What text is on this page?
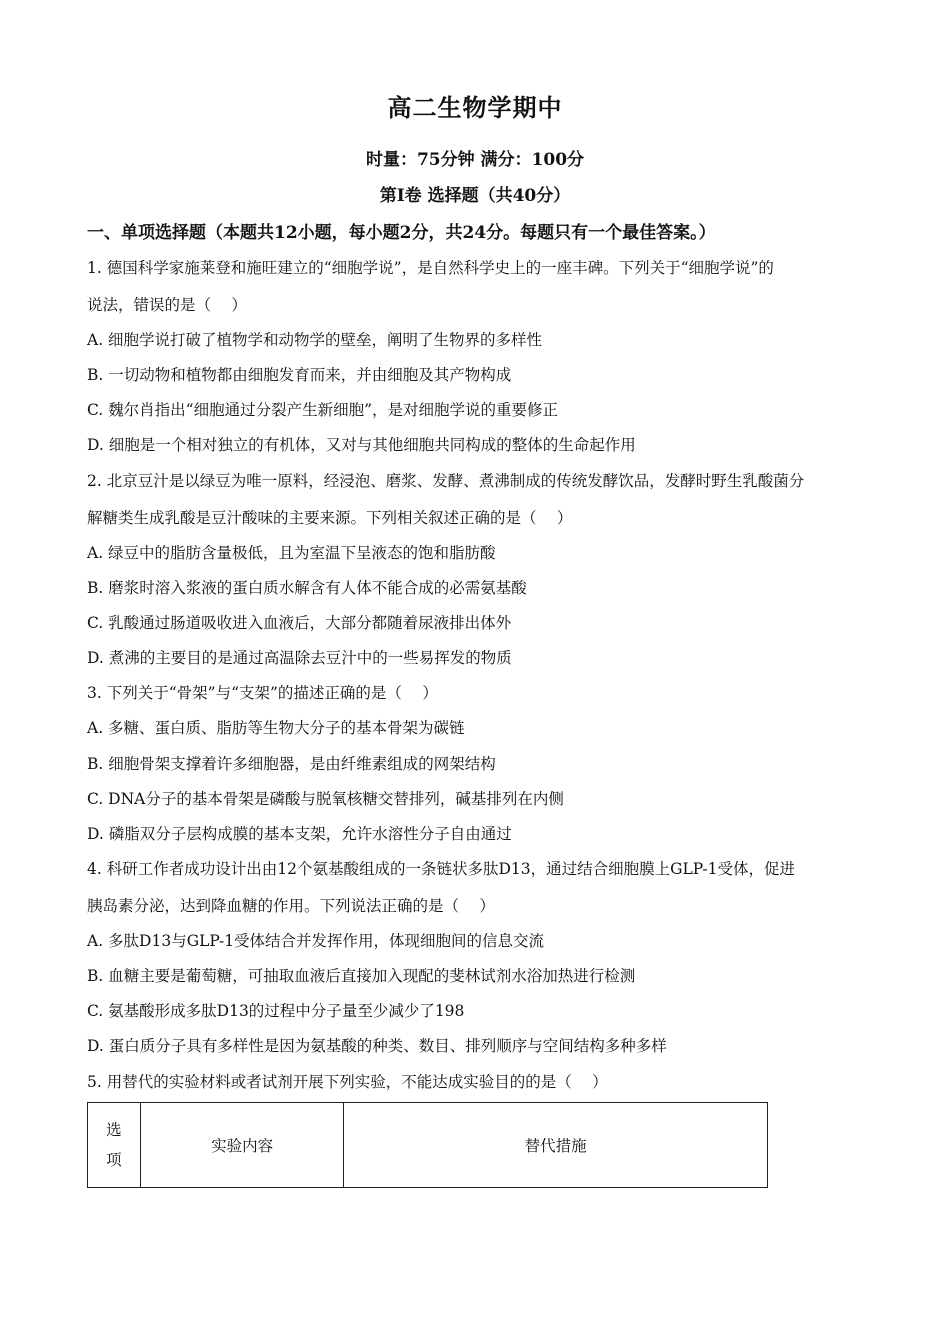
高二生物学期中
时量：75分钟 满分：100分
第Ⅰ卷 选择题（共40分）
一、单项选择题（本题共12小题，每小题2分，共24分。每题只有一个最佳答案。）
1. 德国科学家施莱登和施旺建立的“细胞学说”，是自然科学史上的一座丰碑。下列关于“细胞学说”的
说法，错误的是（　 ）
A. 细胞学说打破了植物学和动物学的壁垒，阐明了生物界的多样性
B. 一切动物和植物都由细胞发育而来，并由细胞及其产物构成
C. 魏尔肖指出“细胞通过分裂产生新细胞”，是对细胞学说的重要修正
D. 细胞是一个相对独立的有机体，又对与其他细胞共同构成的整体的生命起作用
2. 北京豆汁是以绿豆为唯一原料，经浸泡、磨浆、发酵、煮沸制成的传统发酵饮品，发酵时野生乳酸菌分
解糖类生成乳酸是豆汁酸味的主要来源。下列相关叙述正确的是（　 ）
A. 绿豆中的脂肪含量极低，且为室温下呈液态的饱和脂肪酸
B. 磨浆时溶入浆液的蛋白质水解含有人体不能合成的必需氨基酸
C. 乳酸通过肠道吸收进入血液后，大部分都随着尿液排出体外
D. 煮沸的主要目的是通过高温除去豆汁中的一些易挥发的物质
3. 下列关于“骨架”与“支架”的描述正确的是（　 ）
A. 多糖、蛋白质、脂肪等生物大分子的基本骨架为碳链
B. 细胞骨架支撑着许多细胞器，是由纤维素组成的网架结构
C. DNA分子的基本骨架是磷酸与脱氧核糖交替排列，碱基排列在内侧
D. 磷脂双分子层构成膜的基本支架，允许水溶性分子自由通过
4. 科研工作者成功设计出由12个氨基酸组成的一条链状多肽D13，通过结合细胞膜上GLP-1受体，促进
胰岛素分泌，达到降血糖的作用。下列说法正确的是（　 ）
A. 多肽D13与GLP-1受体结合并发挥作用，体现细胞间的信息交流
B. 血糖主要是葡萄糖，可抽取血液后直接加入现配的斐林试剂水浴加热进行检测
C. 氨基酸形成多肽D13的过程中分子量至少减少了198
D. 蛋白质分子具有多样性是因为氨基酸的种类、数目、排列顺序与空间结构多种多样
5. 用替代的实验材料或者试剂开展下列实验，不能达成实验目的的是（　 ）
选
项
	实验内容	替代措施
